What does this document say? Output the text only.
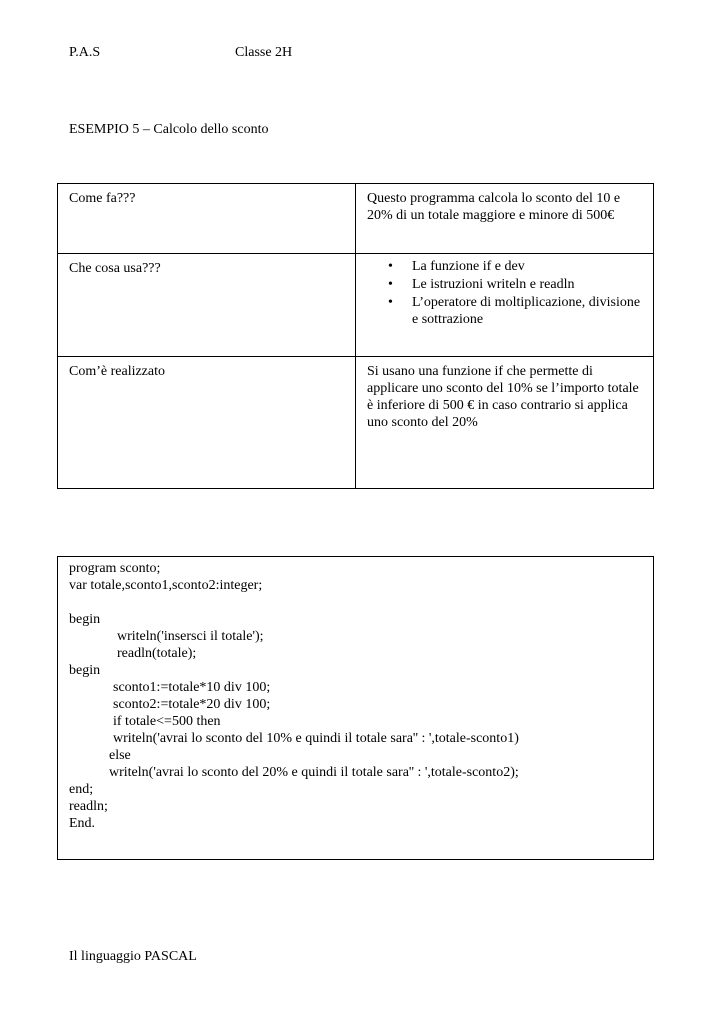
P.A.S	Classe 2H
ESEMPIO 5 – Calcolo dello sconto
Come fa???	Questo programma calcola lo sconto del 10 e 20% di un totale maggiore e minore di 500€
Che cosa usa???	• La funzione if e dev
• Le istruzioni writeln e readln
• L’operatore di moltiplicazione, divisione e sottrazione
Com’è realizzato	Si usano una funzione if che permette di applicare uno sconto del 10% se l’importo totale è inferiore di 500 € in caso contrario si applica uno sconto del 20%
program sconto;
var totale,sconto1,sconto2:integer;
begin
writeln('insersci il totale');
readln(totale);
begin
sconto1:=totale*10 div 100;
sconto2:=totale*20 div 100;
if totale<=500 then
writeln('avrai lo sconto del 10% e quindi il totale sara'' : ',totale-sconto1)
else
writeln('avrai lo sconto del 20% e quindi il totale sara'' : ',totale-sconto2);
end;
readln;
End.
Il linguaggio PASCAL
